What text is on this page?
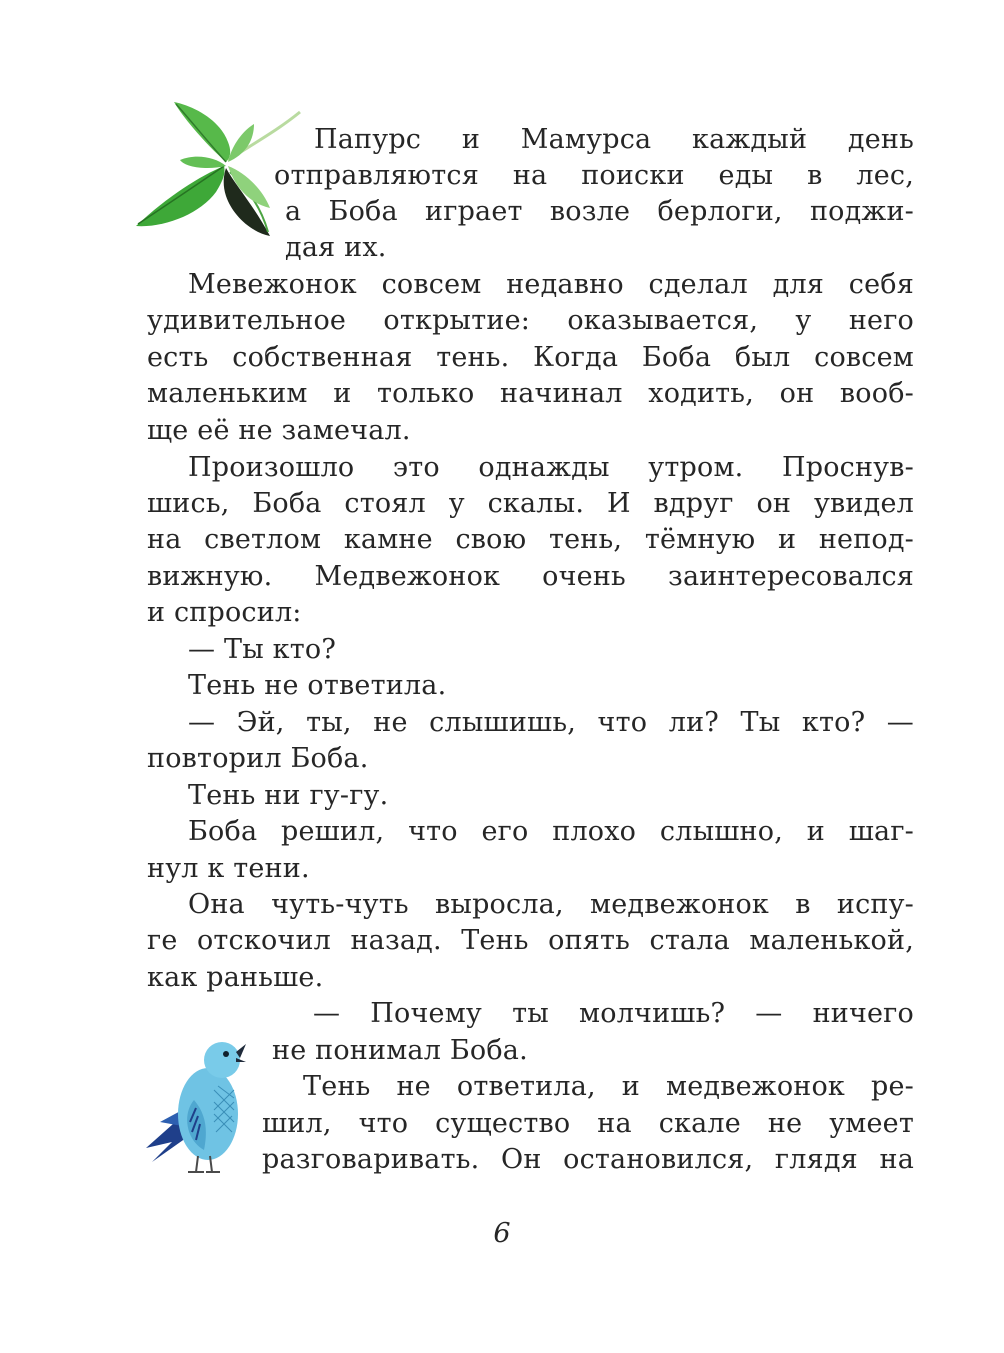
Папурс и Мамурса каждый день
отправляются на поиски еды в лес,
а Боба играет возле берлоги, поджи-
дая их.
Мевежонок совсем недавно сделал для себя
удивительное открытие: оказывается, у него
есть собственная тень. Когда Боба был совсем
маленьким и только начинал ходить, он вооб-
ще её не замечал.
Произошло это однажды утром. Проснув-
шись, Боба стоял у скалы. И вдруг он увидел
на светлом камне свою тень, тёмную и непод-
вижную. Медвежонок очень заинтересовался
и спросил:
— Ты кто?
Тень не ответила.
— Эй, ты, не слышишь, что ли? Ты кто? —
повторил Боба.
Тень ни гу-гу.
Боба решил, что его плохо слышно, и шаг-
нул к тени.
Она чуть-чуть выросла, медвежонок в испу-
ге отскочил назад. Тень опять стала маленькой,
как раньше.
— Почему ты молчишь? — ничего
не понимал Боба.
Тень не ответила, и медвежонок ре-
шил, что существо на скале не умеет
разговаривать. Он остановился, глядя на
6
